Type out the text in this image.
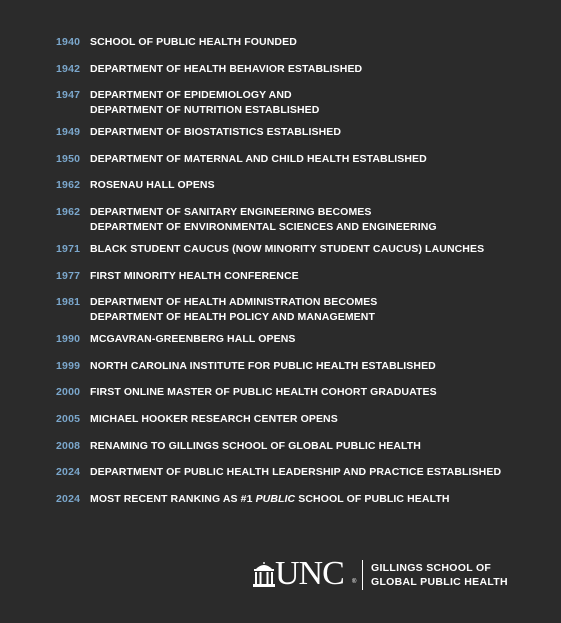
1940 SCHOOL OF PUBLIC HEALTH FOUNDED
1942 DEPARTMENT OF HEALTH BEHAVIOR ESTABLISHED
1947 DEPARTMENT OF EPIDEMIOLOGY AND
DEPARTMENT OF NUTRITION ESTABLISHED
1949 DEPARTMENT OF BIOSTATISTICS ESTABLISHED
1950 DEPARTMENT OF MATERNAL AND CHILD HEALTH ESTABLISHED
1962 ROSENAU HALL OPENS
1962 DEPARTMENT OF SANITARY ENGINEERING BECOMES
DEPARTMENT OF ENVIRONMENTAL SCIENCES AND ENGINEERING
1971 BLACK STUDENT CAUCUS (NOW MINORITY STUDENT CAUCUS) LAUNCHES
1977 FIRST MINORITY HEALTH CONFERENCE
1981 DEPARTMENT OF HEALTH ADMINISTRATION BECOMES
DEPARTMENT OF HEALTH POLICY AND MANAGEMENT
1990 MCGAVRAN-GREENBERG HALL OPENS
1999 NORTH CAROLINA INSTITUTE FOR PUBLIC HEALTH ESTABLISHED
2000 FIRST ONLINE MASTER OF PUBLIC HEALTH COHORT GRADUATES
2005 MICHAEL HOOKER RESEARCH CENTER OPENS
2008 RENAMING TO GILLINGS SCHOOL OF GLOBAL PUBLIC HEALTH
2024 DEPARTMENT OF PUBLIC HEALTH LEADERSHIP AND PRACTICE ESTABLISHED
2024 MOST RECENT RANKING AS #1 PUBLIC SCHOOL OF PUBLIC HEALTH
UNC ®
GILLINGS SCHOOL OF
GLOBAL PUBLIC HEALTH
